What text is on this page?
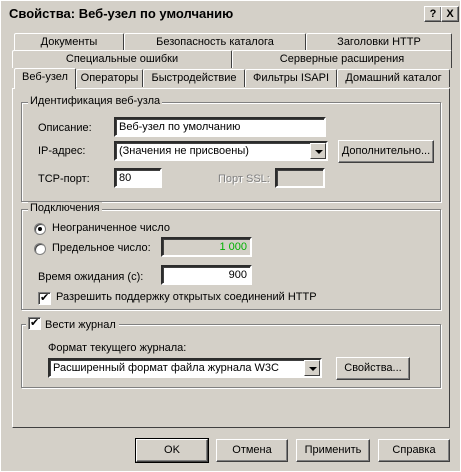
Свойства: Веб-узел по умолчанию	? X
Документы	Безопасность каталога	Заголовки HTTP
Специальные ошибки	Серверные расширения
Веб-узел	Операторы	Быстродействие	Фильтры ISAPI	Домашний каталог
Идентификация веб-узла
Описание:	Веб-узел по умолчанию
IP-адрес:	(Значения не присвоены)	Дополнительно...
TCP-порт:	80	Порт SSL:
Подключения
Неограниченное число
Предельное число:	1 000
Время ожидания (с):	900
✔
Разрешить поддержку открытых соединений HTTP
✔Вести журнал
Формат текущего журнала:
Расширенный формат файла журнала W3C	Свойства...
OK	Отмена	Применить	Справка
